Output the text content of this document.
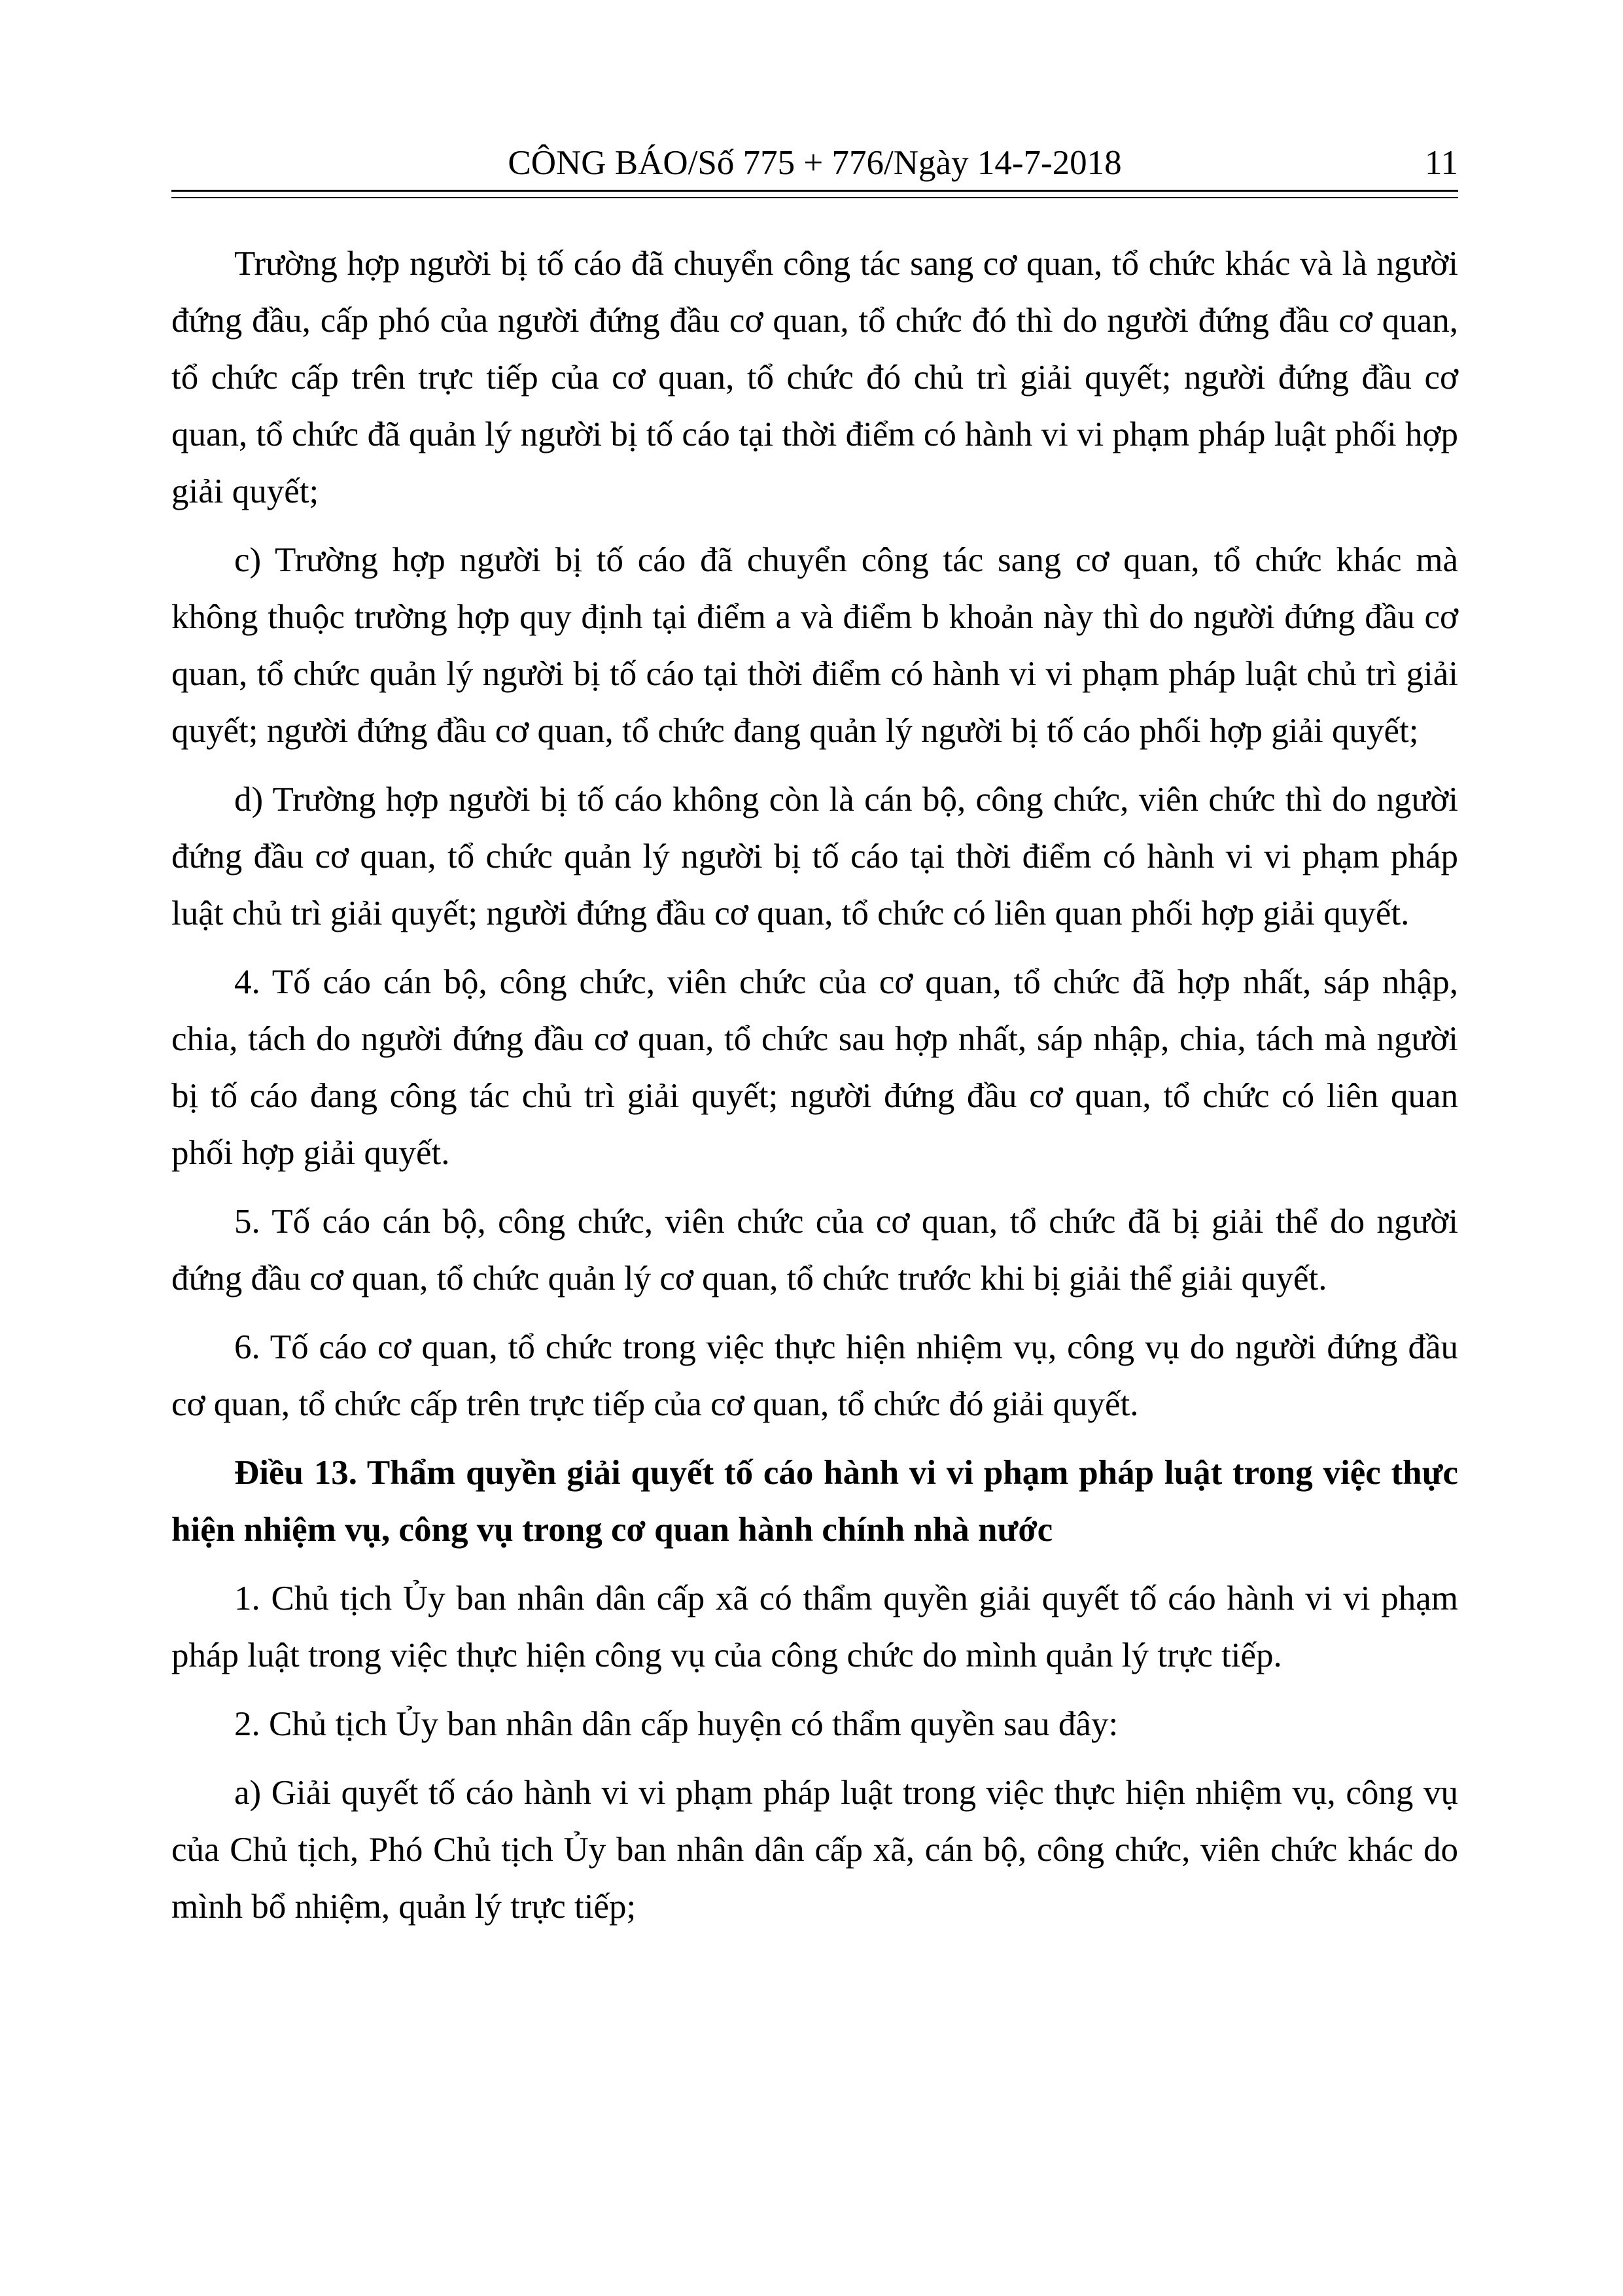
CÔNG BÁO/Số 775 + 776/Ngày 14-7-2018	11

Trường hợp người bị tố cáo đã chuyển công tác sang cơ quan, tổ chức khác và là người đứng đầu, cấp phó của người đứng đầu cơ quan, tổ chức đó thì do người đứng đầu cơ quan, tổ chức cấp trên trực tiếp của cơ quan, tổ chức đó chủ trì giải quyết; người đứng đầu cơ quan, tổ chức đã quản lý người bị tố cáo tại thời điểm có hành vi vi phạm pháp luật phối hợp giải quyết;

c) Trường hợp người bị tố cáo đã chuyển công tác sang cơ quan, tổ chức khác mà không thuộc trường hợp quy định tại điểm a và điểm b khoản này thì do người đứng đầu cơ quan, tổ chức quản lý người bị tố cáo tại thời điểm có hành vi vi phạm pháp luật chủ trì giải quyết; người đứng đầu cơ quan, tổ chức đang quản lý người bị tố cáo phối hợp giải quyết;

d) Trường hợp người bị tố cáo không còn là cán bộ, công chức, viên chức thì do người đứng đầu cơ quan, tổ chức quản lý người bị tố cáo tại thời điểm có hành vi vi phạm pháp luật chủ trì giải quyết; người đứng đầu cơ quan, tổ chức có liên quan phối hợp giải quyết.

4. Tố cáo cán bộ, công chức, viên chức của cơ quan, tổ chức đã hợp nhất, sáp nhập, chia, tách do người đứng đầu cơ quan, tổ chức sau hợp nhất, sáp nhập, chia, tách mà người bị tố cáo đang công tác chủ trì giải quyết; người đứng đầu cơ quan, tổ chức có liên quan phối hợp giải quyết.

5. Tố cáo cán bộ, công chức, viên chức của cơ quan, tổ chức đã bị giải thể do người đứng đầu cơ quan, tổ chức quản lý cơ quan, tổ chức trước khi bị giải thể giải quyết.

6. Tố cáo cơ quan, tổ chức trong việc thực hiện nhiệm vụ, công vụ do người đứng đầu cơ quan, tổ chức cấp trên trực tiếp của cơ quan, tổ chức đó giải quyết.

Điều 13. Thẩm quyền giải quyết tố cáo hành vi vi phạm pháp luật trong việc thực hiện nhiệm vụ, công vụ trong cơ quan hành chính nhà nước

1. Chủ tịch Ủy ban nhân dân cấp xã có thẩm quyền giải quyết tố cáo hành vi vi phạm pháp luật trong việc thực hiện công vụ của công chức do mình quản lý trực tiếp.

2. Chủ tịch Ủy ban nhân dân cấp huyện có thẩm quyền sau đây:

a) Giải quyết tố cáo hành vi vi phạm pháp luật trong việc thực hiện nhiệm vụ, công vụ của Chủ tịch, Phó Chủ tịch Ủy ban nhân dân cấp xã, cán bộ, công chức, viên chức khác do mình bổ nhiệm, quản lý trực tiếp;
